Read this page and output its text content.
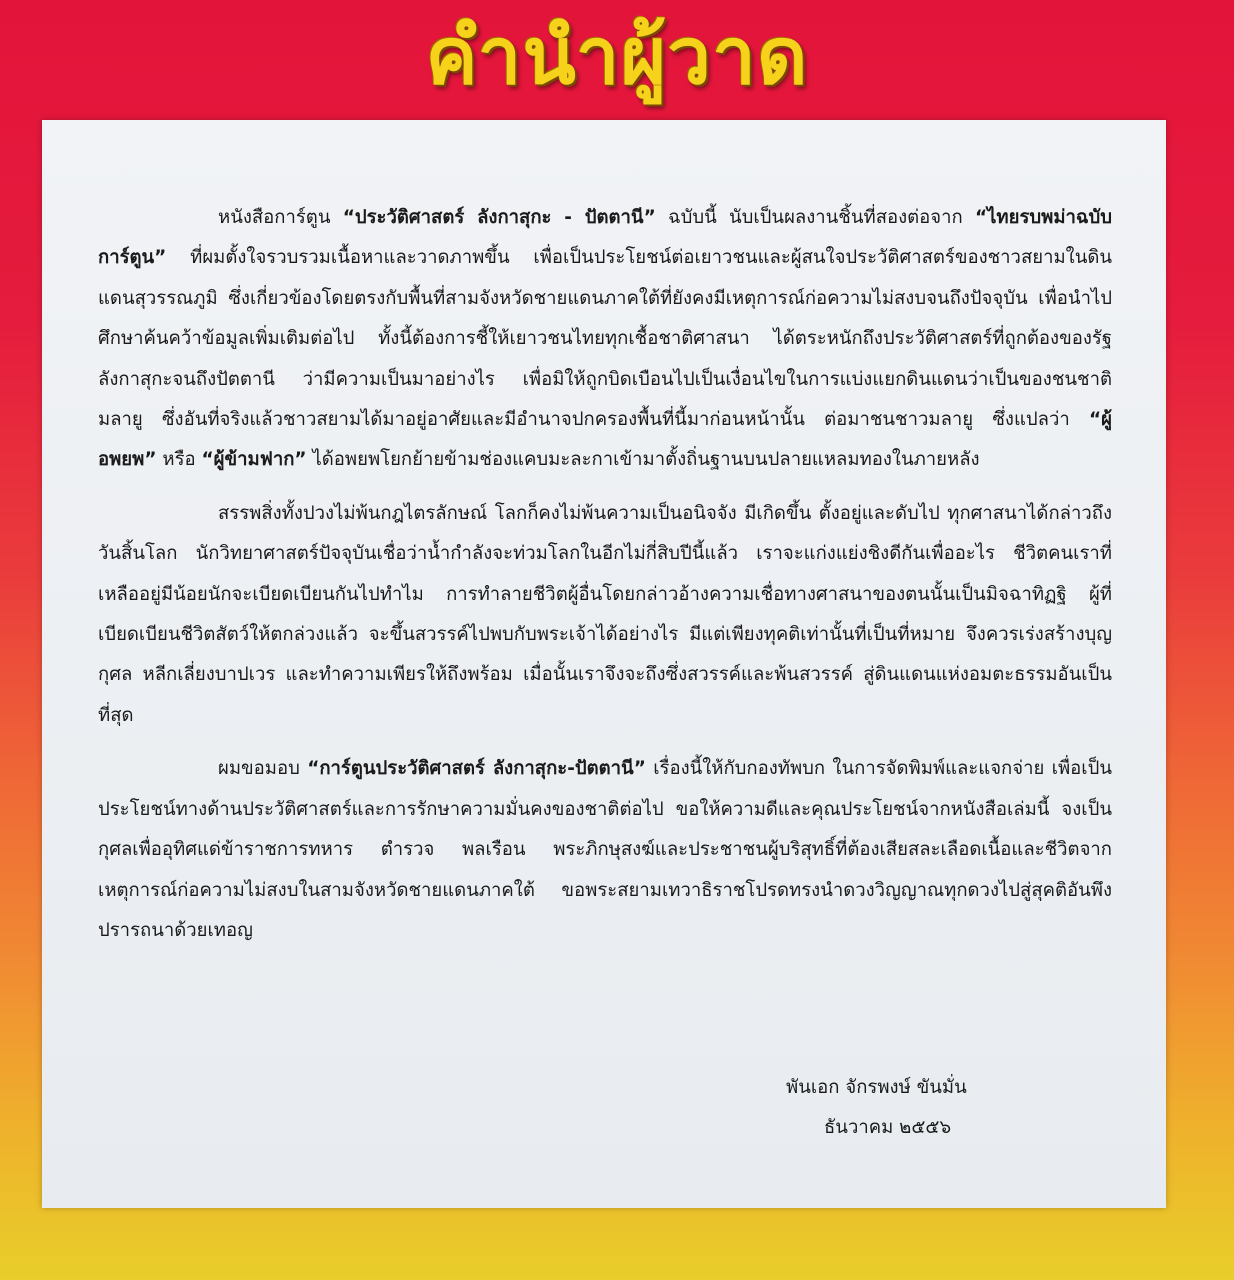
คำนำผู้วาด

หนังสือการ์ตูน “ประวัติศาสตร์ ลังกาสุกะ - ปัตตานี” ฉบับนี้ นับเป็นผลงานชิ้นที่สองต่อจาก “ไทยรบพม่าฉบับการ์ตูน” ที่ผมตั้งใจรวบรวมเนื้อหาและวาดภาพขึ้น เพื่อเป็นประโยชน์ต่อเยาวชนและผู้สนใจประวัติศาสตร์ของชาวสยามในดินแดนสุวรรณภูมิ ซึ่งเกี่ยวข้องโดยตรงกับพื้นที่สามจังหวัดชายแดนภาคใต้ที่ยังคงมีเหตุการณ์ก่อความไม่สงบจนถึงปัจจุบัน เพื่อนำไปศึกษาค้นคว้าข้อมูลเพิ่มเติมต่อไป ทั้งนี้ต้องการชี้ให้เยาวชนไทยทุกเชื้อชาติศาสนา ได้ตระหนักถึงประวัติศาสตร์ที่ถูกต้องของรัฐลังกาสุกะจนถึงปัตตานี ว่ามีความเป็นมาอย่างไร เพื่อมิให้ถูกบิดเบือนไปเป็นเงื่อนไขในการแบ่งแยกดินแดนว่าเป็นของชนชาติมลายู ซึ่งอันที่จริงแล้วชาวสยามได้มาอยู่อาศัยและมีอำนาจปกครองพื้นที่นี้มาก่อนหน้านั้น ต่อมาชนชาวมลายู ซึ่งแปลว่า “ผู้อพยพ” หรือ “ผู้ข้ามฟาก” ได้อพยพโยกย้ายข้ามช่องแคบมะละกาเข้ามาตั้งถิ่นฐานบนปลายแหลมทองในภายหลัง

สรรพสิ่งทั้งปวงไม่พ้นกฎไตรลักษณ์ โลกก็คงไม่พ้นความเป็นอนิจจัง มีเกิดขึ้น ตั้งอยู่และดับไป ทุกศาสนาได้กล่าวถึงวันสิ้นโลก นักวิทยาศาสตร์ปัจจุบันเชื่อว่าน้ำกำลังจะท่วมโลกในอีกไม่กี่สิบปีนี้แล้ว เราจะแก่งแย่งชิงดีกันเพื่ออะไร ชีวิตคนเราที่เหลืออยู่มีน้อยนักจะเบียดเบียนกันไปทำไม การทำลายชีวิตผู้อื่นโดยกล่าวอ้างความเชื่อทางศาสนาของตนนั้นเป็นมิจฉาทิฏฐิ ผู้ที่เบียดเบียนชีวิตสัตว์ให้ตกล่วงแล้ว จะขึ้นสวรรค์ไปพบกับพระเจ้าได้อย่างไร มีแต่เพียงทุคติเท่านั้นที่เป็นที่หมาย จึงควรเร่งสร้างบุญกุศล หลีกเลี่ยงบาปเวร และทำความเพียรให้ถึงพร้อม เมื่อนั้นเราจึงจะถึงซึ่งสวรรค์และพ้นสวรรค์ สู่ดินแดนแห่งอมตะธรรมอันเป็นที่สุด

ผมขอมอบ “การ์ตูนประวัติศาสตร์ ลังกาสุกะ-ปัตตานี” เรื่องนี้ให้กับกองทัพบก ในการจัดพิมพ์และแจกจ่าย เพื่อเป็นประโยชน์ทางด้านประวัติศาสตร์และการรักษาความมั่นคงของชาติต่อไป ขอให้ความดีและคุณประโยชน์จากหนังสือเล่มนี้ จงเป็นกุศลเพื่ออุทิศแด่ข้าราชการทหาร ตำรวจ พลเรือน พระภิกษุสงฆ์และประชาชนผู้บริสุทธิ์ที่ต้องเสียสละเลือดเนื้อและชีวิตจากเหตุการณ์ก่อความไม่สงบในสามจังหวัดชายแดนภาคใต้ ขอพระสยามเทวาธิราชโปรดทรงนำดวงวิญญาณทุกดวงไปสู่สุคติอันพึงปรารถนาด้วยเทอญ

พันเอก จักรพงษ์ ขันมั่น
ธันวาคม ๒๕๕๖
